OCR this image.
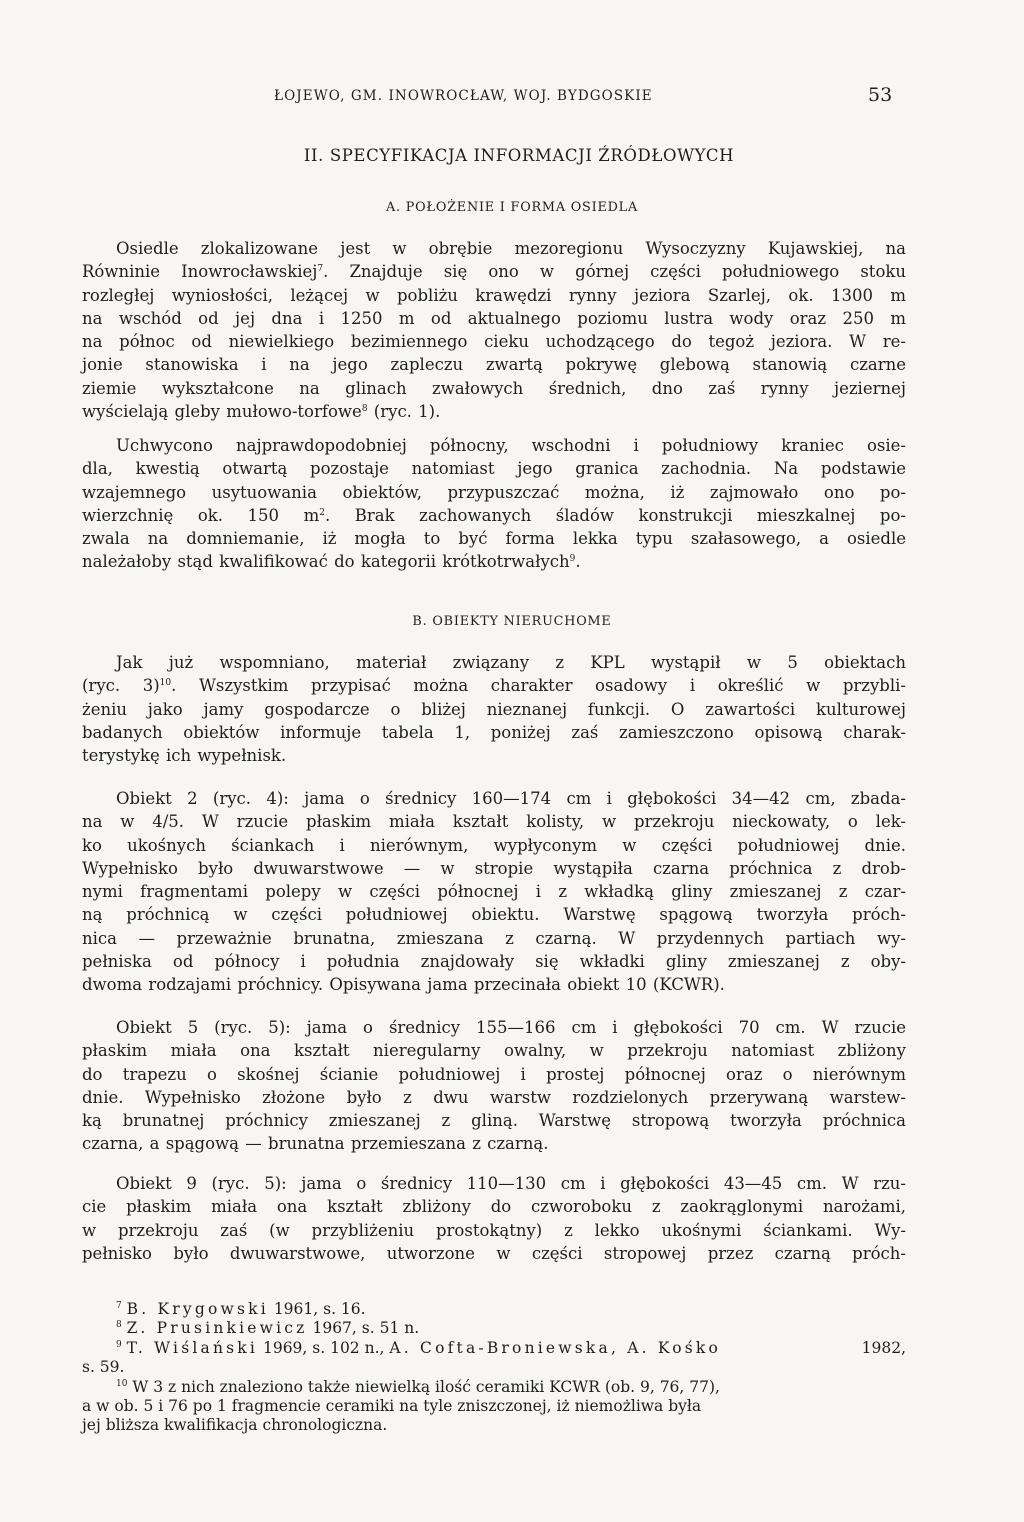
ŁOJEWO, GM. INOWROCŁAW, WOJ. BYDGOSKIE	53
II. SPECYFIKACJA INFORMACJI ŹRÓDŁOWYCH
A. POŁOŻENIE I FORMA OSIEDLA
Osiedle zlokalizowane jest w obrębie mezoregionu Wysoczyzny Kujawskiej, na
Równinie Inowrocławskiej$^7$. Znajduje się ono w górnej części południowego stoku
rozległej wyniosłości, leżącej w pobliżu krawędzi rynny jeziora Szarlej, ok. 1300 m
na wschód od jej dna i 1250 m od aktualnego poziomu lustra wody oraz 250 m
na północ od niewielkiego bezimiennego cieku uchodzącego do tegoż jeziora. W re-
jonie stanowiska i na jego zapleczu zwartą pokrywę glebową stanowią czarne
ziemie wykształcone na glinach zwałowych średnich, dno zaś rynny jeziernej
wyścielają gleby mułowo-torfowe$^8$ (ryc. 1).
Uchwycono najprawdopodobniej północny, wschodni i południowy kraniec osie-
dla, kwestią otwartą pozostaje natomiast jego granica zachodnia. Na podstawie
wzajemnego usytuowania obiektów, przypuszczać można, iż zajmowało ono po-
wierzchnię ok. 150 $m^2$. Brak zachowanych śladów konstrukcji mieszkalnej po-
zwala na domniemanie, iż mogła to być forma lekka typu szałasowego, a osiedle
należałoby stąd kwalifikować do kategorii krótkotrwałych$^9$.
B. OBIEKTY NIERUCHOME
Jak już wspomniano, materiał związany z KPL wystąpił w 5 obiektach
(ryc. 3)$^{10}$. Wszystkim przypisać można charakter osadowy i określić w przybli-
żeniu jako jamy gospodarcze o bliżej nieznanej funkcji. O zawartości kulturowej
badanych obiektów informuje tabela 1, poniżej zaś zamieszczono opisową charak-
terystykę ich wypełnisk.
Obiekt 2 (ryc. 4): jama o średnicy 160—174 cm i głębokości 34—42 cm, zbada-
na w 4/5. W rzucie płaskim miała kształt kolisty, w przekroju nieckowaty, o lek-
ko ukośnych ściankach i nierównym, wypłyconym w części południowej dnie.
Wypełnisko było dwuwarstwowe — w stropie wystąpiła czarna próchnica z drob-
nymi fragmentami polepy w części północnej i z wkładką gliny zmieszanej z czar-
ną próchnicą w części południowej obiektu. Warstwę spągową tworzyła próch-
nica — przeważnie brunatna, zmieszana z czarną. W przydennych partiach wy-
pełniska od północy i południa znajdowały się wkładki gliny zmieszanej z oby-
dwoma rodzajami próchnicy. Opisywana jama przecinała obiekt 10 (KCWR).
Obiekt 5 (ryc. 5): jama o średnicy 155—166 cm i głębokości 70 cm. W rzucie
płaskim miała ona kształt nieregularny owalny, w przekroju natomiast zbliżony
do trapezu o skośnej ścianie południowej i prostej północnej oraz o nierównym
dnie. Wypełnisko złożone było z dwu warstw rozdzielonych przerywaną warstew-
ką brunatnej próchnicy zmieszanej z gliną. Warstwę stropową tworzyła próchnica
czarna, a spągową — brunatna przemieszana z czarną.
Obiekt 9 (ryc. 5): jama o średnicy 110—130 cm i głębokości 43—45 cm. W rzu-
cie płaskim miała ona kształt zbliżony do czworoboku z zaokrąglonymi narożami,
w przekroju zaś (w przybliżeniu prostokątny) z lekko ukośnymi ściankami. Wy-
pełnisko było dwuwarstwowe, utworzone w części stropowej przez czarną próch-
$^7$ B. Krygowski 1961, s. 16.
$^8$ Z. Prusinkiewicz 1967, s. 51 n.
$^9$ T. Wiślański 1969, s. 102 n., A. Cofta-Broniewska, A. Kośko	1982,
s. 59.
$^{10}$ W 3 z nich znaleziono także niewielką ilość ceramiki KCWR (ob. 9, 76, 77),
a w ob. 5 i 76 po 1 fragmencie ceramiki na tyle zniszczonej, iż niemożliwa była
jej bliższa kwalifikacja chronologiczna.
